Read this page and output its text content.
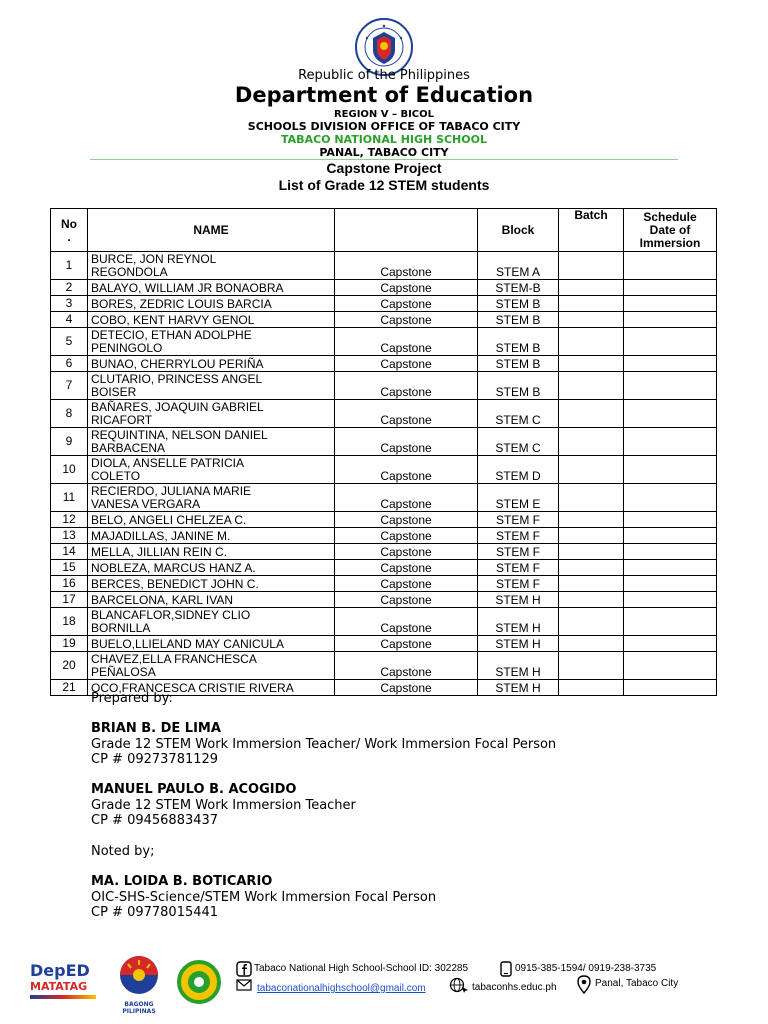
Republic of the Philippines
Department of Education
REGION V – BICOL
SCHOOLS DIVISION OFFICE OF TABACO CITY
TABACO NATIONAL HIGH SCHOOL
PANAL, TABACO CITY
Capstone Project
List of Grade 12 STEM students
No
.	NAME		Block	Batch	Schedule
Date of
Immersion
1	BURCE, JON REYNOL
REGONDOLA	Capstone	STEM A		
2	BALAYO, WILLIAM JR BONAOBRA	Capstone	STEM-B		
3	BORES, ZEDRIC LOUIS BARCIA	Capstone	STEM B		
4	COBO, KENT HARVY GENOL	Capstone	STEM B		
5	DETECIO, ETHAN ADOLPHE
PENINGOLO	Capstone	STEM B		
6	BUNAO, CHERRYLOU PERIÑA	Capstone	STEM B		
7	CLUTARIO, PRINCESS ANGEL
BOISER	Capstone	STEM B		
8	BAÑARES, JOAQUIN GABRIEL
RICAFORT	Capstone	STEM C		
9	REQUINTINA, NELSON DANIEL
BARBACENA	Capstone	STEM C		
10	DIOLA, ANSELLE PATRICIA
COLETO	Capstone	STEM D		
11	RECIERDO, JULIANA MARIE
VANESA VERGARA	Capstone	STEM E		
12	BELO, ANGELI CHELZEA C.	Capstone	STEM F		
13	MAJADILLAS, JANINE M.	Capstone	STEM F		
14	MELLA, JILLIAN REIN C.	Capstone	STEM F		
15	NOBLEZA, MARCUS HANZ A.	Capstone	STEM F		
16	BERCES, BENEDICT JOHN C.	Capstone	STEM F		
17	BARCELONA, KARL IVAN	Capstone	STEM H		
18	BLANCAFLOR,SIDNEY CLIO
BORNILLA	Capstone	STEM H		
19	BUELO,LLIELAND MAY CANICULA	Capstone	STEM H		
20	CHAVEZ,ELLA FRANCHESCA
PEÑALOSA	Capstone	STEM H		
21	OCO,FRANCESCA CRISTIE RIVERA	Capstone	STEM H		
Prepared by:
BRIAN B. DE LIMA
Grade 12 STEM Work Immersion Teacher/ Work Immersion Focal Person
CP # 09273781129
MANUEL PAULO B. ACOGIDO
Grade 12 STEM Work Immersion Teacher
CP # 09456883437
Noted by;
MA. LOIDA B. BOTICARIO
OIC-SHS-Science/STEM Work Immersion Focal Person
CP # 09778015441
DepED
MATATAG
BAGONG PILIPINAS
Tabaco National High School-School ID: 302285	0915-385-1594/ 0919-238-3735
tabaconationalhighschool@gmail.com	tabaconhs.educ.ph	Panal, Tabaco City
